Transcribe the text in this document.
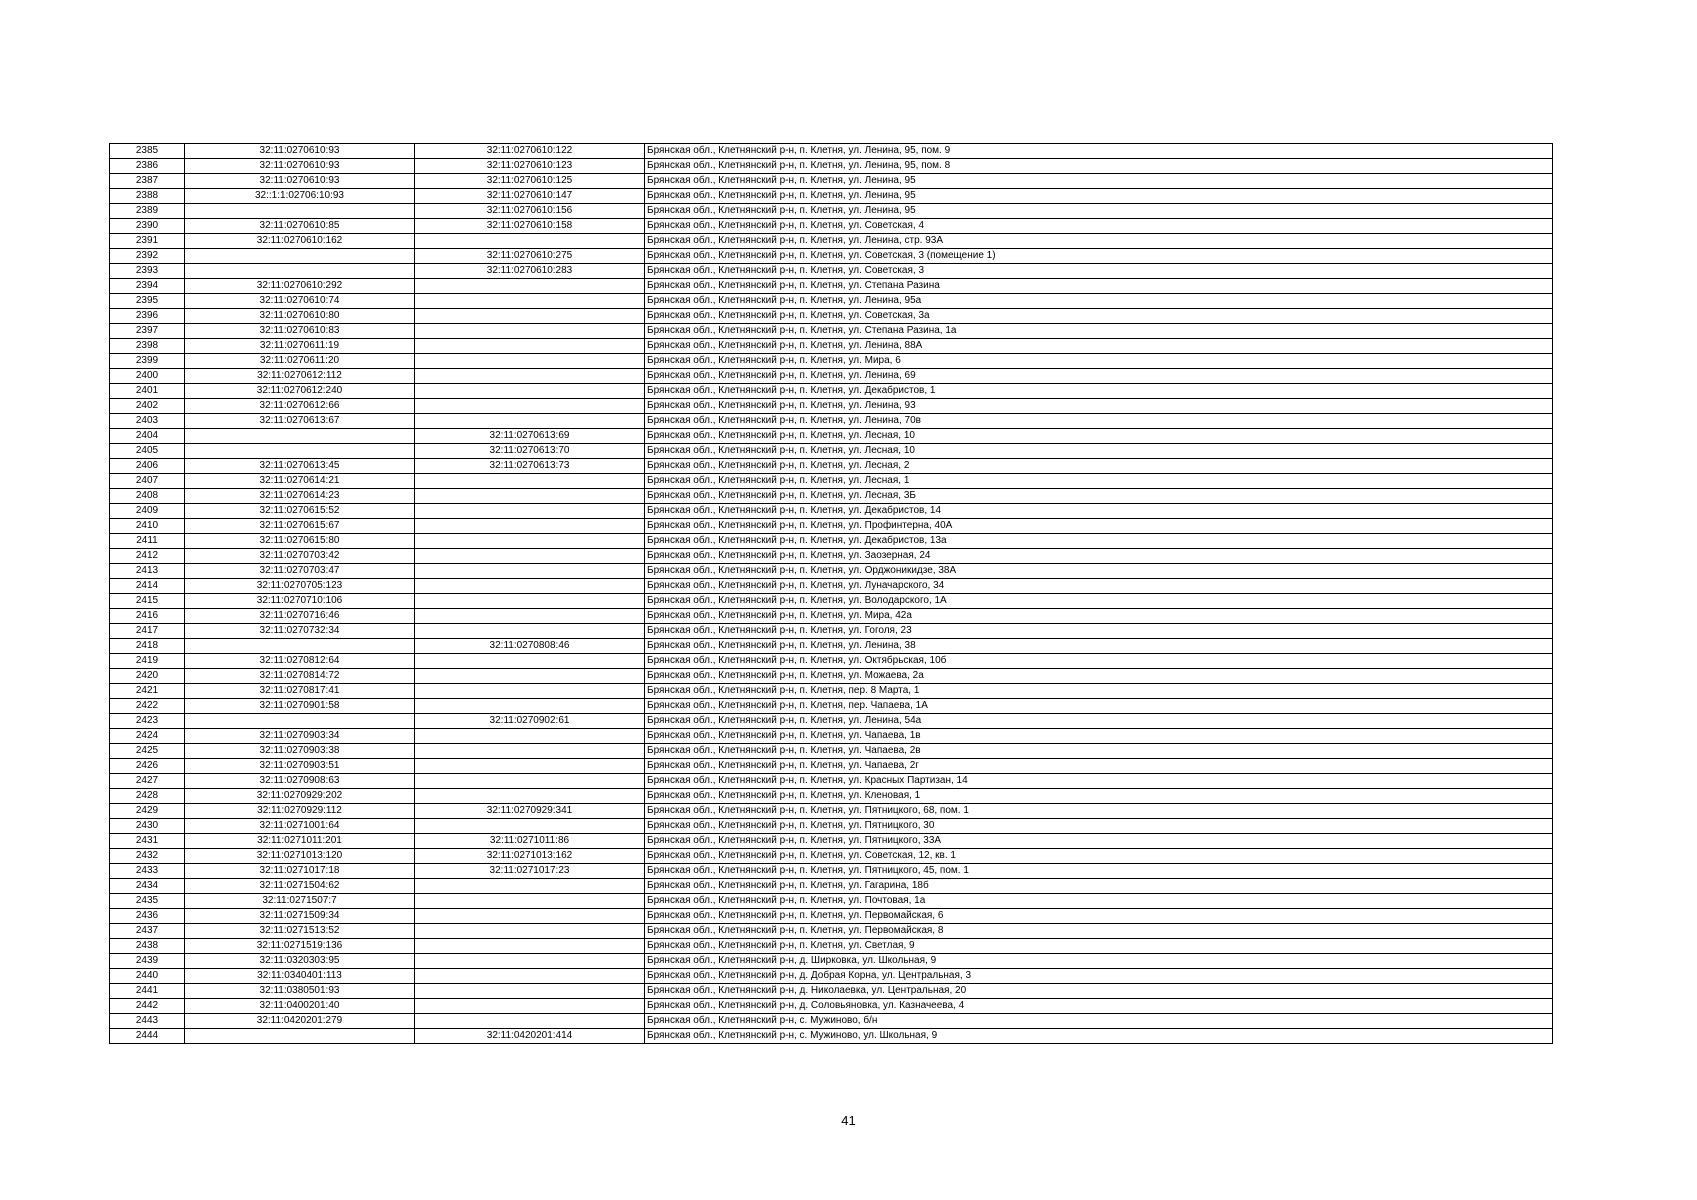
2385	32:11:0270610:93	32:11:0270610:122	Брянская обл., Клетнянский р-н, п. Клетня, ул. Ленина, 95, пом. 9
2386	32:11:0270610:93	32:11:0270610:123	Брянская обл., Клетнянский р-н, п. Клетня, ул. Ленина, 95, пом. 8
2387	32:11:0270610:93	32:11:0270610:125	Брянская обл., Клетнянский р-н, п. Клетня, ул. Ленина, 95
2388	32::1:1:02706:10:93	32:11:0270610:147	Брянская обл., Клетнянский р-н, п. Клетня, ул. Ленина, 95
2389		32:11:0270610:156	Брянская обл., Клетнянский р-н, п. Клетня, ул. Ленина, 95
2390	32:11:0270610:85	32:11:0270610:158	Брянская обл., Клетнянский р-н, п. Клетня, ул. Советская, 4
2391	32:11:0270610:162		Брянская обл., Клетнянский р-н, п. Клетня, ул. Ленина, стр. 93А
2392		32:11:0270610:275	Брянская обл., Клетнянский р-н, п. Клетня, ул. Советская, 3 (помещение 1)
2393		32:11:0270610:283	Брянская обл., Клетнянский р-н, п. Клетня, ул. Советская, 3
2394	32:11:0270610:292		Брянская обл., Клетнянский р-н, п. Клетня, ул. Степана Разина
2395	32:11:0270610:74		Брянская обл., Клетнянский р-н, п. Клетня, ул. Ленина, 95а
2396	32:11:0270610:80		Брянская обл., Клетнянский р-н, п. Клетня, ул. Советская, 3а
2397	32:11:0270610:83		Брянская обл., Клетнянский р-н, п. Клетня, ул. Степана Разина, 1а
2398	32:11:0270611:19		Брянская обл., Клетнянский р-н, п. Клетня, ул. Ленина, 88А
2399	32:11:0270611:20		Брянская обл., Клетнянский р-н, п. Клетня, ул. Мира, 6
2400	32:11:0270612:112		Брянская обл., Клетнянский р-н, п. Клетня, ул. Ленина, 69
2401	32:11:0270612:240		Брянская обл., Клетнянский р-н, п. Клетня, ул. Декабристов, 1
2402	32:11:0270612:66		Брянская обл., Клетнянский р-н, п. Клетня, ул. Ленина, 93
2403	32:11:0270613:67		Брянская обл., Клетнянский р-н, п. Клетня, ул. Ленина, 70в
2404		32:11:0270613:69	Брянская обл., Клетнянский р-н, п. Клетня, ул. Лесная, 10
2405		32:11:0270613:70	Брянская обл., Клетнянский р-н, п. Клетня, ул. Лесная, 10
2406	32:11:0270613:45	32:11:0270613:73	Брянская обл., Клетнянский р-н, п. Клетня, ул. Лесная, 2
2407	32:11:0270614:21		Брянская обл., Клетнянский р-н, п. Клетня, ул. Лесная, 1
2408	32:11:0270614:23		Брянская обл., Клетнянский р-н, п. Клетня, ул. Лесная, 3Б
2409	32:11:0270615:52		Брянская обл., Клетнянский р-н, п. Клетня, ул. Декабристов, 14
2410	32:11:0270615:67		Брянская обл., Клетнянский р-н, п. Клетня, ул. Профинтерна, 40А
2411	32:11:0270615:80		Брянская обл., Клетнянский р-н, п. Клетня, ул. Декабристов, 13а
2412	32:11:0270703:42		Брянская обл., Клетнянский р-н, п. Клетня, ул. Заозерная, 24
2413	32:11:0270703:47		Брянская обл., Клетнянский р-н, п. Клетня, ул. Орджоникидзе, 38А
2414	32:11:0270705:123		Брянская обл., Клетнянский р-н, п. Клетня, ул. Луначарского, 34
2415	32:11:0270710:106		Брянская обл., Клетнянский р-н, п. Клетня, ул. Володарского, 1А
2416	32:11:0270716:46		Брянская обл., Клетнянский р-н, п. Клетня, ул. Мира, 42а
2417	32:11:0270732:34		Брянская обл., Клетнянский р-н, п. Клетня, ул. Гоголя, 23
2418		32:11:0270808:46	Брянская обл., Клетнянский р-н, п. Клетня, ул. Ленина, 38
2419	32:11:0270812:64		Брянская обл., Клетнянский р-н, п. Клетня, ул. Октябрьская, 10б
2420	32:11:0270814:72		Брянская обл., Клетнянский р-н, п. Клетня, ул. Можаева, 2а
2421	32:11:0270817:41		Брянская обл., Клетнянский р-н, п. Клетня, пер. 8 Марта, 1
2422	32:11:0270901:58		Брянская обл., Клетнянский р-н, п. Клетня, пер. Чапаева, 1А
2423		32:11:0270902:61	Брянская обл., Клетнянский р-н, п. Клетня, ул. Ленина, 54а
2424	32:11:0270903:34		Брянская обл., Клетнянский р-н, п. Клетня, ул. Чапаева, 1в
2425	32:11:0270903:38		Брянская обл., Клетнянский р-н, п. Клетня, ул. Чапаева, 2в
2426	32:11:0270903:51		Брянская обл., Клетнянский р-н, п. Клетня, ул. Чапаева, 2г
2427	32:11:0270908:63		Брянская обл., Клетнянский р-н, п. Клетня, ул. Красных Партизан, 14
2428	32:11:0270929:202		Брянская обл., Клетнянский р-н, п. Клетня, ул. Кленовая, 1
2429	32:11:0270929:112	32:11:0270929:341	Брянская обл., Клетнянский р-н, п. Клетня, ул. Пятницкого, 68, пом. 1
2430	32:11:0271001:64		Брянская обл., Клетнянский р-н, п. Клетня, ул. Пятницкого, 30
2431	32:11:0271011:201	32:11:0271011:86	Брянская обл., Клетнянский р-н, п. Клетня, ул. Пятницкого, 33А
2432	32:11:0271013:120	32:11:0271013:162	Брянская обл., Клетнянский р-н, п. Клетня, ул. Советская, 12, кв. 1
2433	32:11:0271017:18	32:11:0271017:23	Брянская обл., Клетнянский р-н, п. Клетня, ул. Пятницкого, 45, пом. 1
2434	32:11:0271504:62		Брянская обл., Клетнянский р-н, п. Клетня, ул. Гагарина, 18б
2435	32:11:0271507:7		Брянская обл., Клетнянский р-н, п. Клетня, ул. Почтовая, 1а
2436	32:11:0271509:34		Брянская обл., Клетнянский р-н, п. Клетня, ул. Первомайская, 6
2437	32:11:0271513:52		Брянская обл., Клетнянский р-н, п. Клетня, ул. Первомайская, 8
2438	32:11:0271519:136		Брянская обл., Клетнянский р-н, п. Клетня, ул. Светлая, 9
2439	32:11:0320303:95		Брянская обл., Клетнянский р-н, д. Ширковка, ул. Школьная, 9
2440	32:11:0340401:113		Брянская обл., Клетнянский р-н, д. Добрая Корна, ул. Центральная, 3
2441	32:11:0380501:93		Брянская обл., Клетнянский р-н, д. Николаевка, ул. Центральная, 20
2442	32:11:0400201:40		Брянская обл., Клетнянский р-н, д. Соловьяновка, ул. Казначеева, 4
2443	32:11:0420201:279		Брянская обл., Клетнянский р-н, с. Мужиново, б/н
2444		32:11:0420201:414	Брянская обл., Клетнянский р-н, с. Мужиново, ул. Школьная, 9
41
